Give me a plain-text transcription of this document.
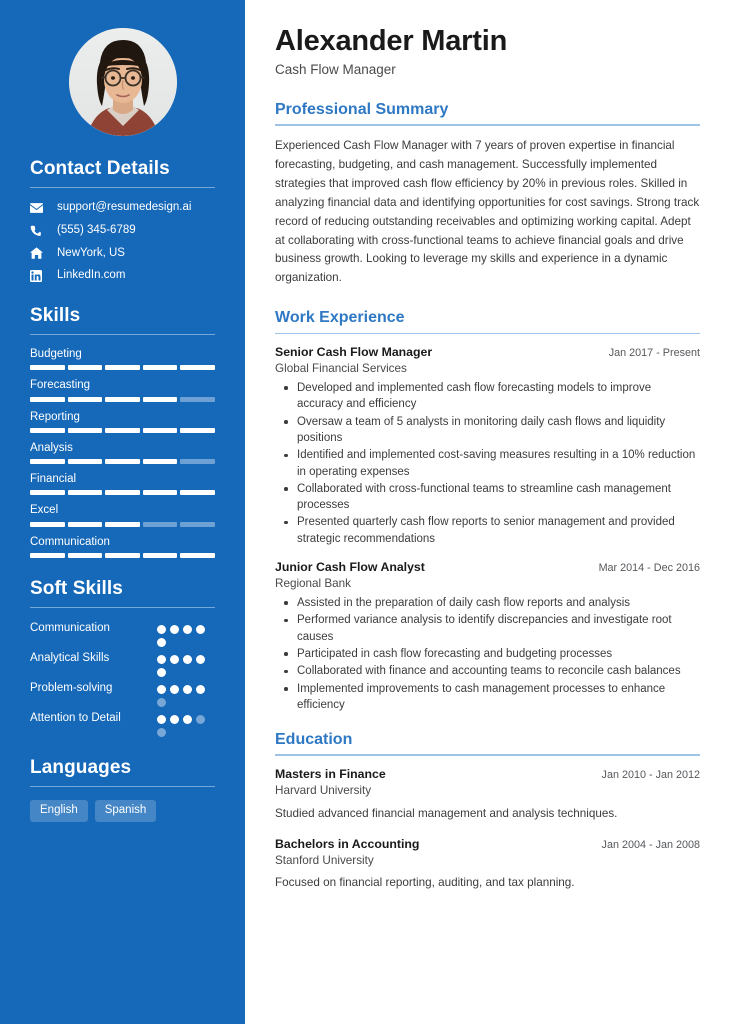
Contact Details
support@resumedesign.ai
(555) 345-6789
NewYork, US
LinkedIn.com
Skills
Budgeting
Forecasting
Reporting
Analysis
Financial
Excel
Communication
Soft Skills
Communication
Analytical Skills
Problem-solving
Attention to Detail
Languages
English	Spanish
Alexander Martin
Cash Flow Manager
Professional Summary

Experienced Cash Flow Manager with 7 years of proven expertise in financial forecasting, budgeting, and cash management. Successfully implemented strategies that improved cash flow efficiency by 20% in previous roles. Skilled in analyzing financial data and identifying opportunities for cost savings. Strong track record of reducing outstanding receivables and optimizing working capital. Adept at collaborating with cross-functional teams to achieve financial goals and drive business growth. Looking to leverage my skills and experience in a dynamic organization.

Work Experience
Senior Cash Flow Manager	Jan 2017 - Present
Global Financial Services
Developed and implemented cash flow forecasting models to improve accuracy and efficiency
Oversaw a team of 5 analysts in monitoring daily cash flows and liquidity positions
Identified and implemented cost-saving measures resulting in a 10% reduction in operating expenses
Collaborated with cross-functional teams to streamline cash management processes
Presented quarterly cash flow reports to senior management and provided strategic recommendations
Junior Cash Flow Analyst	Mar 2014 - Dec 2016
Regional Bank
Assisted in the preparation of daily cash flow reports and analysis
Performed variance analysis to identify discrepancies and investigate root causes
Participated in cash flow forecasting and budgeting processes
Collaborated with finance and accounting teams to reconcile cash balances
Implemented improvements to cash management processes to enhance efficiency
Education
Masters in Finance	Jan 2010 - Jan 2012
Harvard University
Studied advanced financial management and analysis techniques.
Bachelors in Accounting	Jan 2004 - Jan 2008
Stanford University
Focused on financial reporting, auditing, and tax planning.
